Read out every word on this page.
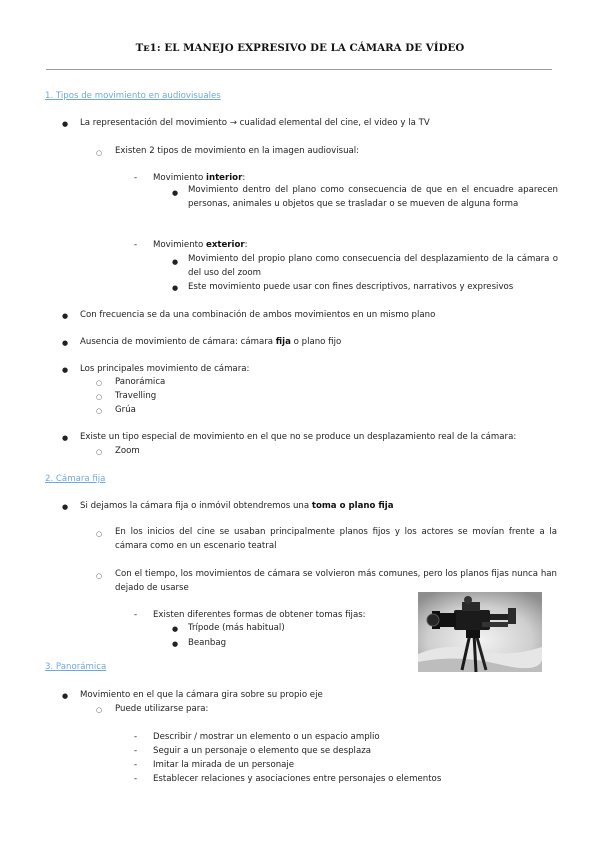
Tᴇ1: EL MANEJO EXPRESIVO DE LA CÁMARA DE VÍDEO
1. Tipos de movimiento en audiovisuales
● La representación del movimiento → cualidad elemental del cine, el video y la TV
○ Existen 2 tipos de movimiento en la imagen audiovisual:
- Movimiento interior:
● Movimiento dentro del plano como consecuencia de que en el encuadre aparecen personas, animales u objetos que se trasladar o se mueven de alguna forma
- Movimiento exterior:
● Movimiento del propio plano como consecuencia del desplazamiento de la cámara o del uso del zoom
● Este movimiento puede usar con fines descriptivos, narrativos y expresivos
● Con frecuencia se da una combinación de ambos movimientos en un mismo plano
● Ausencia de movimiento de cámara: cámara fija o plano fijo
● Los principales movimiento de cámara:
○ Panorámica
○ Travelling
○ Grúa
● Existe un tipo especial de movimiento en el que no se produce un desplazamiento real de la cámara:
○ Zoom
2. Cámara fija
● Si dejamos la cámara fija o inmóvil obtendremos una toma o plano fija
○ En los inicios del cine se usaban principalmente planos fijos y los actores se movían frente a la cámara como en un escenario teatral
○ Con el tiempo, los movimientos de cámara se volvieron más comunes, pero los planos fijas nunca han dejado de usarse
- Existen diferentes formas de obtener tomas fijas:
● Trípode (más habitual)
● Beanbag
3. Panorámica
● Movimiento en el que la cámara gira sobre su propio eje
○ Puede utilizarse para:
- Describir / mostrar un elemento o un espacio amplio
- Seguir a un personaje o elemento que se desplaza
- Imitar la mirada de un personaje
- Establecer relaciones y asociaciones entre personajes o elementos
